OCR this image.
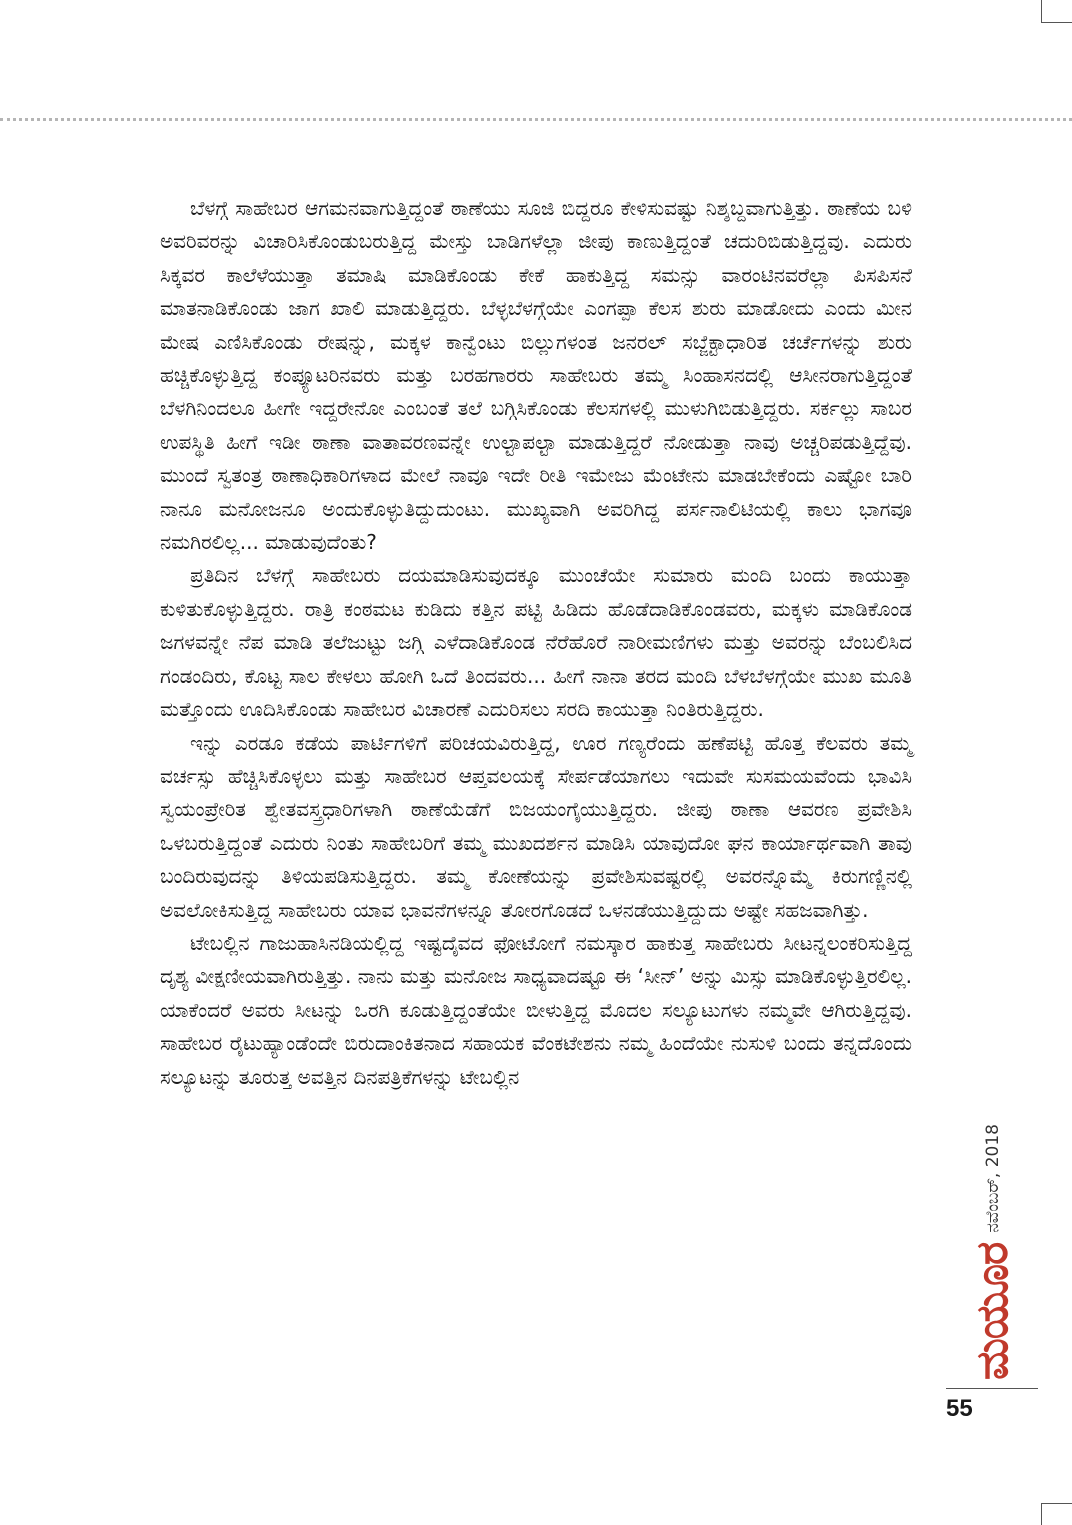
ಬೆಳಗ್ಗೆ ಸಾಹೇಬರ ಆಗಮನವಾಗುತ್ತಿದ್ದಂತೆ ಠಾಣೆಯು ಸೂಜಿ ಬಿದ್ದರೂ ಕೇಳಿಸುವಷ್ಟು ನಿಶ್ಶಬ್ದವಾಗುತ್ತಿತ್ತು. ಠಾಣೆಯ ಬಳಿ ಅವರಿವರನ್ನು ವಿಚಾರಿಸಿಕೊಂಡುಬರುತ್ತಿದ್ದ ಮೇಸ್ತು ಬಾಡಿಗಳೆಲ್ಲಾ ಜೀಪು ಕಾಣುತ್ತಿದ್ದಂತೆ ಚದುರಿಬಿಡುತ್ತಿದ್ದವು. ಎದುರು ಸಿಕ್ಕವರ ಕಾಲೆಳೆಯುತ್ತಾ ತಮಾಷಿ ಮಾಡಿಕೊಂಡು ಕೇಕೆ ಹಾಕುತ್ತಿದ್ದ ಸಮನ್ಸು ವಾರಂಟಿನವರೆಲ್ಲಾ ಪಿಸಪಿಸನೆ ಮಾತನಾಡಿಕೊಂಡು ಜಾಗ ಖಾಲಿ ಮಾಡುತ್ತಿದ್ದರು. ಬೆಳ್ಳಬೆಳಗ್ಗೆಯೇ ಎಂಗಪ್ಪಾ ಕೆಲಸ ಶುರು ಮಾಡೋದು ಎಂದು ಮೀನ ಮೇಷ ಎಣಿಸಿಕೊಂಡು ರೇಷನ್ನು, ಮಕ್ಕಳ ಕಾನ್ವೆಂಟು ಬಿಲ್ಲುಗಳಂತ ಜನರಲ್ ಸಬ್ಜೆಕ್ಟಾಧಾರಿತ ಚರ್ಚೆಗಳನ್ನು ಶುರು ಹಚ್ಚಿಕೊಳ್ಳುತ್ತಿದ್ದ ಕಂಪ್ಯೂಟರಿನವರು ಮತ್ತು ಬರಹಗಾರರು ಸಾಹೇಬರು ತಮ್ಮ ಸಿಂಹಾಸನದಲ್ಲಿ ಆಸೀನರಾಗುತ್ತಿದ್ದಂತೆ ಬೆಳಗಿನಿಂದಲೂ ಹೀಗೇ ಇದ್ದರೇನೋ ಎಂಬಂತೆ ತಲೆ ಬಗ್ಗಿಸಿಕೊಂಡು ಕೆಲಸಗಳಲ್ಲಿ ಮುಳುಗಿಬಿಡುತ್ತಿದ್ದರು. ಸರ್ಕಲ್ಲು ಸಾಬರ ಉಪಸ್ಥಿತಿ ಹೀಗೆ ಇಡೀ ಠಾಣಾ ವಾತಾವರಣವನ್ನೇ ಉಲ್ಟಾಪಲ್ಟಾ ಮಾಡುತ್ತಿದ್ದರೆ ನೋಡುತ್ತಾ ನಾವು ಅಚ್ಚರಿಪಡುತ್ತಿದ್ದೆವು. ಮುಂದೆ ಸ್ವತಂತ್ರ ಠಾಣಾಧಿಕಾರಿಗಳಾದ ಮೇಲೆ ನಾವೂ ಇದೇ ರೀತಿ ಇಮೇಜು ಮೆಂಟೇನು ಮಾಡಬೇಕೆಂದು ಎಷ್ಟೋ ಬಾರಿ ನಾನೂ ಮನೋಜನೂ ಅಂದುಕೊಳ್ಳುತಿದ್ದುದುಂಟು. ಮುಖ್ಯವಾಗಿ ಅವರಿಗಿದ್ದ ಪರ್ಸನಾಲಿಟಿಯಲ್ಲಿ ಕಾಲು ಭಾಗವೂ ನಮಗಿರಲಿಲ್ಲ... ಮಾಡುವುದೆಂತು?

ಪ್ರತಿದಿನ ಬೆಳಗ್ಗೆ ಸಾಹೇಬರು ದಯಮಾಡಿಸುವುದಕ್ಕೂ ಮುಂಚೆಯೇ ಸುಮಾರು ಮಂದಿ ಬಂದು ಕಾಯುತ್ತಾ ಕುಳಿತುಕೊಳ್ಳುತ್ತಿದ್ದರು. ರಾತ್ರಿ ಕಂಠಮಟ ಕುಡಿದು ಕತ್ತಿನ ಪಟ್ಟಿ ಹಿಡಿದು ಹೊಡೆದಾಡಿಕೊಂಡವರು, ಮಕ್ಕಳು ಮಾಡಿಕೊಂಡ ಜಗಳವನ್ನೇ ನೆಪ ಮಾಡಿ ತಲೆಜುಟ್ಟು ಜಗ್ಗಿ ಎಳೆದಾಡಿಕೊಂಡ ನೆರೆಹೊರೆ ನಾರೀಮಣಿಗಳು ಮತ್ತು ಅವರನ್ನು ಬೆಂಬಲಿಸಿದ ಗಂಡಂದಿರು, ಕೊಟ್ಟ ಸಾಲ ಕೇಳಲು ಹೋಗಿ ಒದೆ ತಿಂದವರು... ಹೀಗೆ ನಾನಾ ತರದ ಮಂದಿ ಬೆಳಬೆಳಗ್ಗೆಯೇ ಮುಖ ಮೂತಿ ಮತ್ತೊಂದು ಊದಿಸಿಕೊಂಡು ಸಾಹೇಬರ ವಿಚಾರಣೆ ಎದುರಿಸಲು ಸರದಿ ಕಾಯುತ್ತಾ ನಿಂತಿರುತ್ತಿದ್ದರು.

ಇನ್ನು ಎರಡೂ ಕಡೆಯ ಪಾರ್ಟಿಗಳಿಗೆ ಪರಿಚಯವಿರುತ್ತಿದ್ದ, ಊರ ಗಣ್ಯರೆಂದು ಹಣೆಪಟ್ಟಿ ಹೊತ್ತ ಕೆಲವರು ತಮ್ಮ ವರ್ಚಸ್ಸು ಹೆಚ್ಚಿಸಿಕೊಳ್ಳಲು ಮತ್ತು ಸಾಹೇಬರ ಆಪ್ತವಲಯಕ್ಕೆ ಸೇರ್ಪಡೆಯಾಗಲು ಇದುವೇ ಸುಸಮಯವೆಂದು ಭಾವಿಸಿ ಸ್ವಯಂಪ್ರೇರಿತ ಶ್ವೇತವಸ್ತ್ರಧಾರಿಗಳಾಗಿ ಠಾಣೆಯೆಡೆಗೆ ಬಿಜಯಂಗೈಯುತ್ತಿದ್ದರು. ಜೀಪು ಠಾಣಾ ಆವರಣ ಪ್ರವೇಶಿಸಿ ಒಳಬರುತ್ತಿದ್ದಂತೆ ಎದುರು ನಿಂತು ಸಾಹೇಬರಿಗೆ ತಮ್ಮ ಮುಖದರ್ಶನ ಮಾಡಿಸಿ ಯಾವುದೋ ಘನ ಕಾರ್ಯಾರ್ಥವಾಗಿ ತಾವು ಬಂದಿರುವುದನ್ನು ತಿಳಿಯಪಡಿಸುತ್ತಿದ್ದರು. ತಮ್ಮ ಕೋಣೆಯನ್ನು ಪ್ರವೇಶಿಸುವಷ್ಟರಲ್ಲಿ ಅವರನ್ನೊಮ್ಮೆ ಕಿರುಗಣ್ಣಿನಲ್ಲಿ ಅವಲೋಕಿಸುತ್ತಿದ್ದ ಸಾಹೇಬರು ಯಾವ ಭಾವನೆಗಳನ್ನೂ ತೋರಗೊಡದೆ ಒಳನಡೆಯುತ್ತಿದ್ದುದು ಅಷ್ಟೇ ಸಹಜವಾಗಿತ್ತು.

ಟೇಬಲ್ಲಿನ ಗಾಜುಹಾಸಿನಡಿಯಲ್ಲಿದ್ದ ಇಷ್ಟದೈವದ ಫೋಟೋಗೆ ನಮಸ್ಕಾರ ಹಾಕುತ್ತ ಸಾಹೇಬರು ಸೀಟನ್ನಲಂಕರಿಸುತ್ತಿದ್ದ ದೃಶ್ಯ ವೀಕ್ಷಣೀಯವಾಗಿರುತ್ತಿತ್ತು. ನಾನು ಮತ್ತು ಮನೋಜ ಸಾಧ್ಯವಾದಷ್ಟೂ ಈ ‘ಸೀನ್’ ಅನ್ನು ಮಿಸ್ಸು ಮಾಡಿಕೊಳ್ಳುತ್ತಿರಲಿಲ್ಲ. ಯಾಕೆಂದರೆ ಅವರು ಸೀಟನ್ನು ಒರಗಿ ಕೂಡುತ್ತಿದ್ದಂತೆಯೇ ಬೀಳುತ್ತಿದ್ದ ಮೊದಲ ಸಲ್ಯೂಟುಗಳು ನಮ್ಮವೇ ಆಗಿರುತ್ತಿದ್ದವು. ಸಾಹೇಬರ ರೈಟುಹ್ಯಾಂಡೆಂದೇ ಬಿರುದಾಂಕಿತನಾದ ಸಹಾಯಕ ವೆಂಕಟೇಶನು ನಮ್ಮ ಹಿಂದೆಯೇ ನುಸುಳಿ ಬಂದು ತನ್ನದೊಂದು ಸಲ್ಯೂಟನ್ನು ತೂರುತ್ತ ಅವತ್ತಿನ ದಿನಪತ್ರಿಕೆಗಳನ್ನು ಟೇಬಲ್ಲಿನ

ಮಯೂರ
ನವೆಂಬರ್, 2018
55
